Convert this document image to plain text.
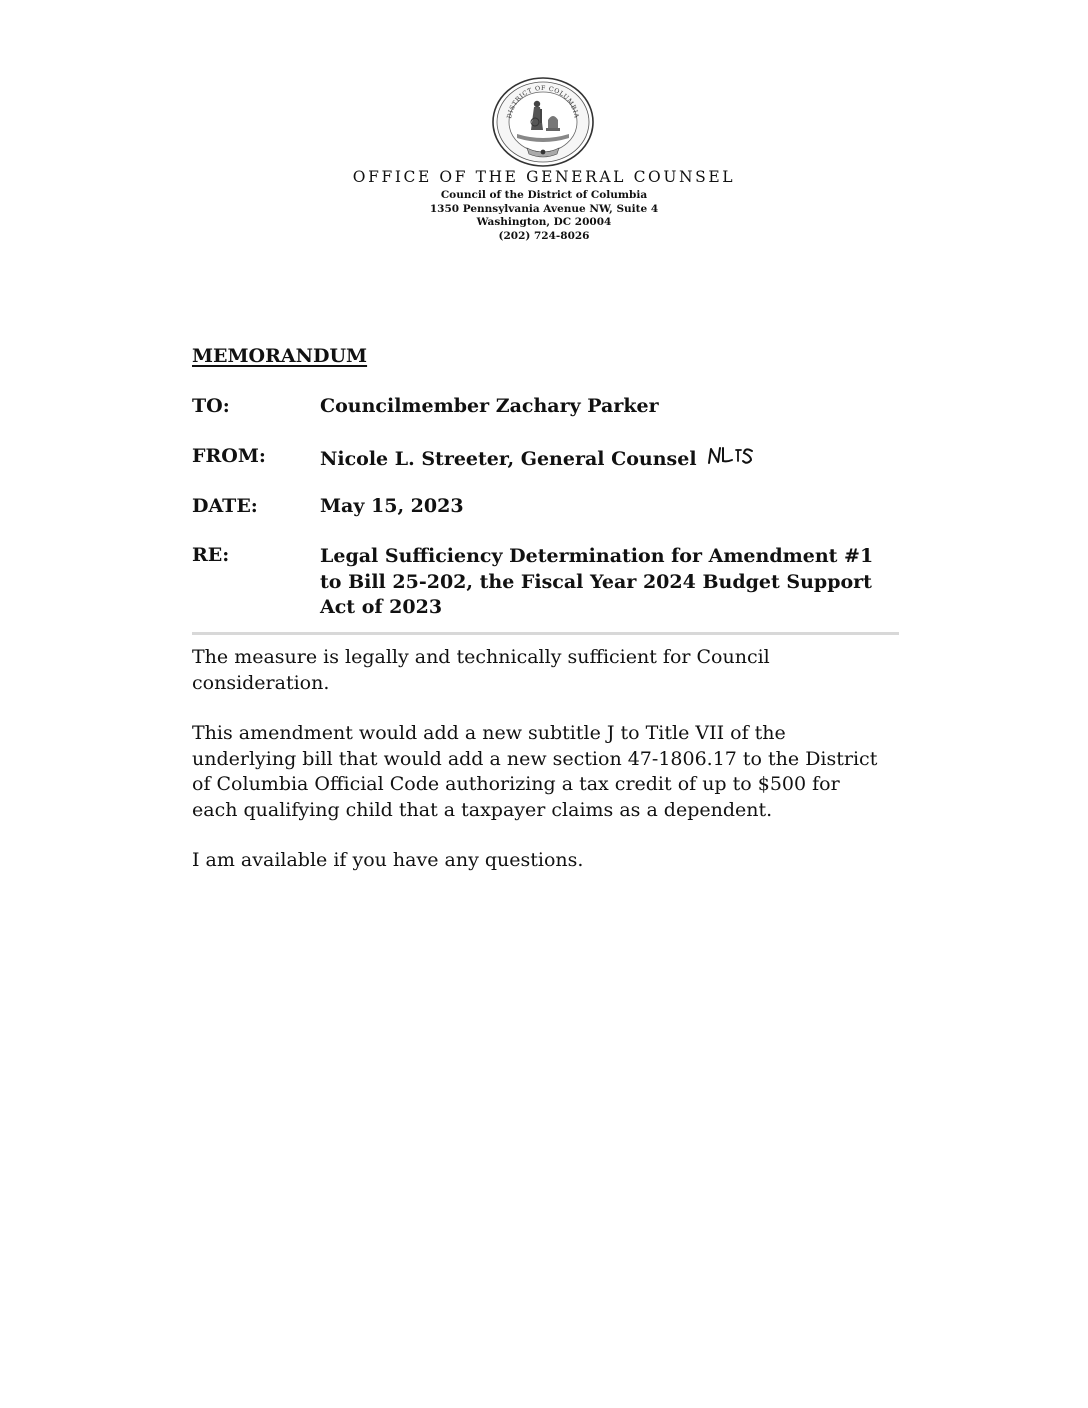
DISTRICT OF COLUMBIA
OFFICE OF THE GENERAL COUNSEL
Council of the District of Columbia
1350 Pennsylvania Avenue NW, Suite 4
Washington, DC 20004
(202) 724-8026
MEMORANDUM
TO:	Councilmember Zachary Parker
FROM:	Nicole L. Streeter, General Counsel
DATE:	May 15, 2023
RE:	Legal Sufficiency Determination for Amendment #1
to Bill 25-202, the Fiscal Year 2024 Budget Support
Act of 2023
The measure is legally and technically sufficient for Council
consideration.
This amendment would add a new subtitle J to Title VII of the
underlying bill that would add a new section 47-1806.17 to the District
of Columbia Official Code authorizing a tax credit of up to $500 for
each qualifying child that a taxpayer claims as a dependent.
I am available if you have any questions.
